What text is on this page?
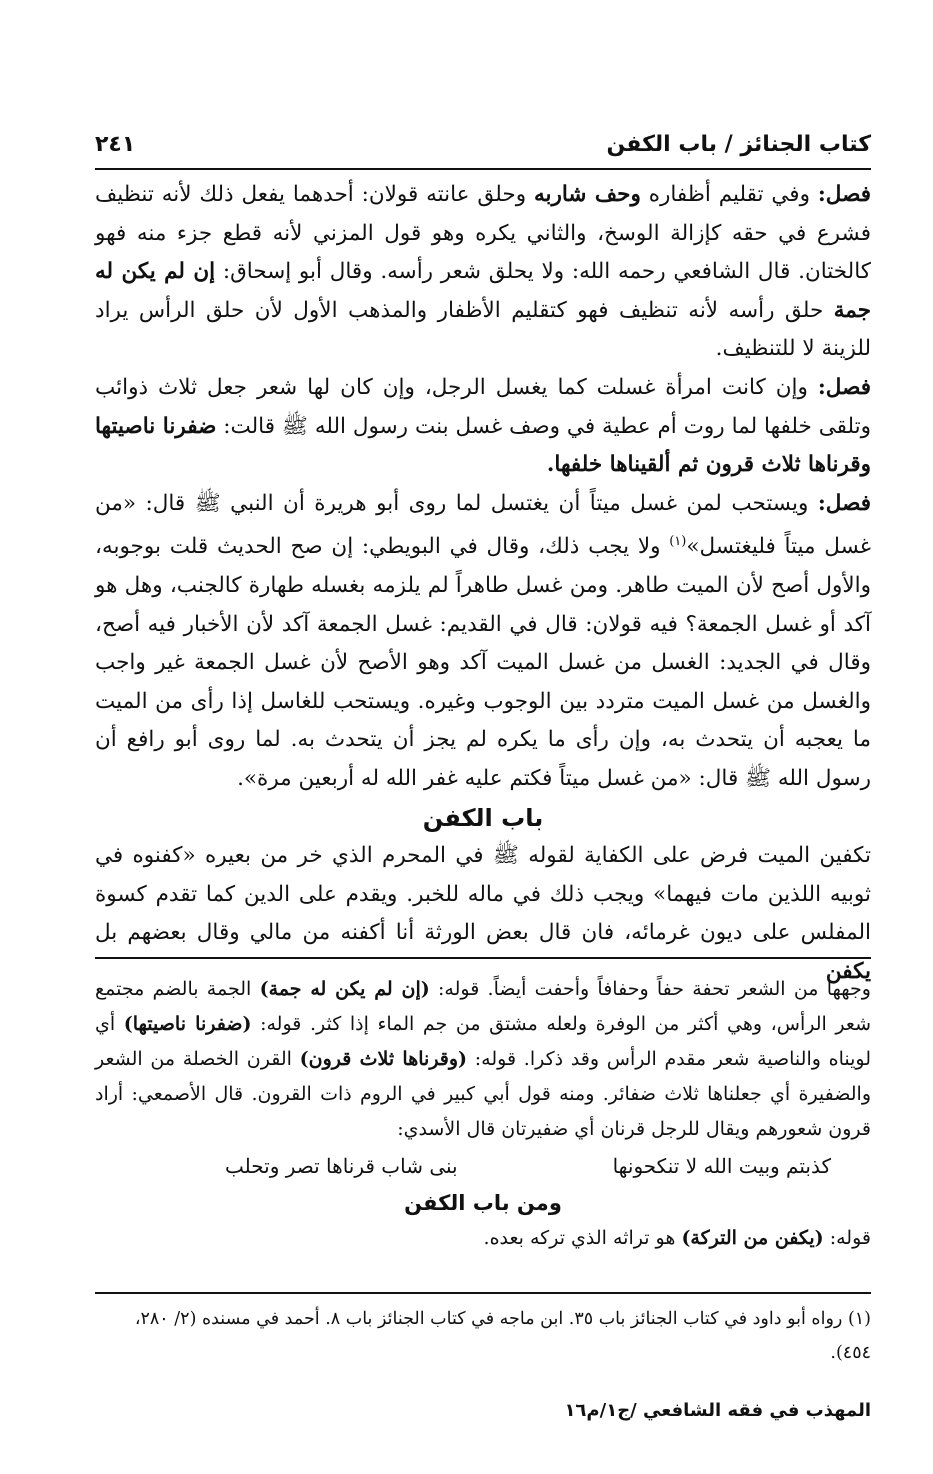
كتاب الجنائز / باب الكفن
٢٤١

فصل: وفي تقليم أظفاره وحف شاربه وحلق عانته قولان: أحدهما يفعل ذلك لأنه تنظيف فشرع في حقه كإزالة الوسخ، والثاني يكره وهو قول المزني لأنه قطع جزء منه فهو كالختان. قال الشافعي رحمه الله: ولا يحلق شعر رأسه. وقال أبو إسحاق: إن لم يكن له جمة حلق رأسه لأنه تنظيف فهو كتقليم الأظفار والمذهب الأول لأن حلق الرأس يراد للزينة لا للتنظيف.

فصل: وإن كانت امرأة غسلت كما يغسل الرجل، وإن كان لها شعر جعل ثلاث ذوائب وتلقى خلفها لما روت أم عطية في وصف غسل بنت رسول الله ﷺ قالت: ضفرنا ناصيتها وقرناها ثلاث قرون ثم ألقيناها خلفها.

فصل: ويستحب لمن غسل ميتاً أن يغتسل لما روى أبو هريرة أن النبي ﷺ قال: «من غسل ميتاً فليغتسل»$^{(١)}$ ولا يجب ذلك، وقال في البويطي: إن صح الحديث قلت بوجوبه، والأول أصح لأن الميت طاهر. ومن غسل طاهراً لم يلزمه بغسله طهارة كالجنب، وهل هو آكد أو غسل الجمعة؟ فيه قولان: قال في القديم: غسل الجمعة آكد لأن الأخبار فيه أصح، وقال في الجديد: الغسل من غسل الميت آكد وهو الأصح لأن غسل الجمعة غير واجب والغسل من غسل الميت متردد بين الوجوب وغيره. ويستحب للغاسل إذا رأى من الميت ما يعجبه أن يتحدث به، وإن رأى ما يكره لم يجز أن يتحدث به. لما روى أبو رافع أن رسول الله ﷺ قال: «من غسل ميتاً فكتم عليه غفر الله له أربعين مرة».

باب الكفن

تكفين الميت فرض على الكفاية لقوله ﷺ في المحرم الذي خر من بعيره «كفنوه في ثوبيه اللذين مات فيهما» ويجب ذلك في ماله للخبر. ويقدم على الدين كما تقدم كسوة المفلس على ديون غرمائه، فان قال بعض الورثة أنا أكفنه من مالي وقال بعضهم بل يكفن

وجهها من الشعر تحفة حفاً وحفافاً وأحفت أيضاً. قوله: (إن لم يكن له جمة) الجمة بالضم مجتمع شعر الرأس، وهي أكثر من الوفرة ولعله مشتق من جم الماء إذا كثر. قوله: (ضفرنا ناصيتها) أي لويناه والناصية شعر مقدم الرأس وقد ذكرا. قوله: (وقرناها ثلاث قرون) القرن الخصلة من الشعر والضفيرة أي جعلناها ثلاث ضفائر. ومنه قول أبي كبير في الروم ذات القرون. قال الأصمعي: أراد قرون شعورهم ويقال للرجل قرنان أي ضفيرتان قال الأسدي:

كذبتم وبيت الله لا تنكحونها
بنى شاب قرناها تصر وتحلب

ومن باب الكفن

قوله: (يكفن من التركة) هو تراثه الذي تركه بعده.

(١) رواه أبو داود في كتاب الجنائز باب ٣٥. ابن ماجه في كتاب الجنائز باب ٨. أحمد في مسنده (٢/ ٢٨٠، ٤٥٤).
المهذب في فقه الشافعي /ج١/م١٦
